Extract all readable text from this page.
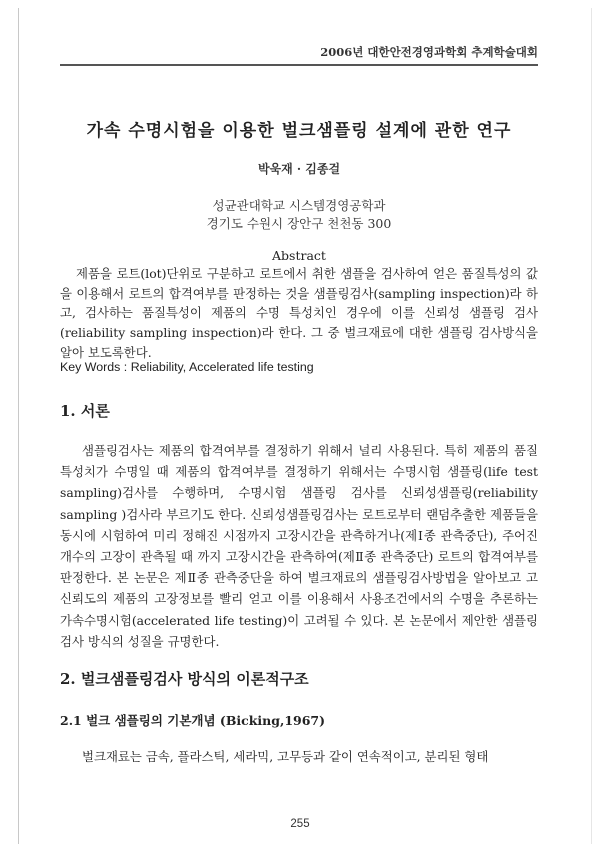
2006년 대한안전경영과학회 추계학술대회
가속 수명시험을 이용한 벌크샘플링 설계에 관한 연구
박욱재 · 김종걸
성균관대학교 시스템경영공학과
경기도 수원시 장안구 천천동 300
Abstract

제품을 로트(lot)단위로 구분하고 로트에서 취한 샘플을 검사하여 얻은 품질특성의 값을 이용해서 로트의 합격여부를 판정하는 것을 샘플링검사(sampling inspection)라 하고, 검사하는 품질특성이 제품의 수명 특성치인 경우에 이를 신뢰성 샘플링 검사(reliability sampling inspection)라 한다. 그 중 벌크재료에 대한 샘플링 검사방식을 알아 보도록한다.

Key Words : Reliability, Accelerated life testing
1. 서론

샘플링검사는 제품의 합격여부를 결정하기 위해서 널리 사용된다. 특히 제품의 품질특성치가 수명일 때 제품의 합격여부를 결정하기 위해서는 수명시험 샘플링(life test sampling)검사를 수행하며, 수명시험 샘플링 검사를 신뢰성샘플링(reliability sampling )검사라 부르기도 한다. 신뢰성샘플링검사는 로트로부터 랜덤추출한 제품들을 동시에 시험하여 미리 정해진 시점까지 고장시간을 관측하거나(제Ⅰ종 관측중단), 주어진 개수의 고장이 관측될 때 까지 고장시간을 관측하여(제Ⅱ종 관측중단) 로트의 합격여부를 판정한다. 본 논문은 제Ⅱ종 관측중단을 하여 벌크재료의 샘플링검사방법을 알아보고 고 신뢰도의 제품의 고장정보를 빨리 얻고 이를 이용해서 사용조건에서의 수명을 추론하는 가속수명시험(accelerated life testing)이 고려될 수 있다. 본 논문에서 제안한 샘플링검사 방식의 성질을 규명한다.

2. 벌크샘플링검사 방식의 이론적구조
2.1 벌크 샘플링의 기본개념 (Bicking,1967)

벌크재료는 금속, 플라스틱, 세라믹, 고무등과 같이 연속적이고, 분리된 형태

255
